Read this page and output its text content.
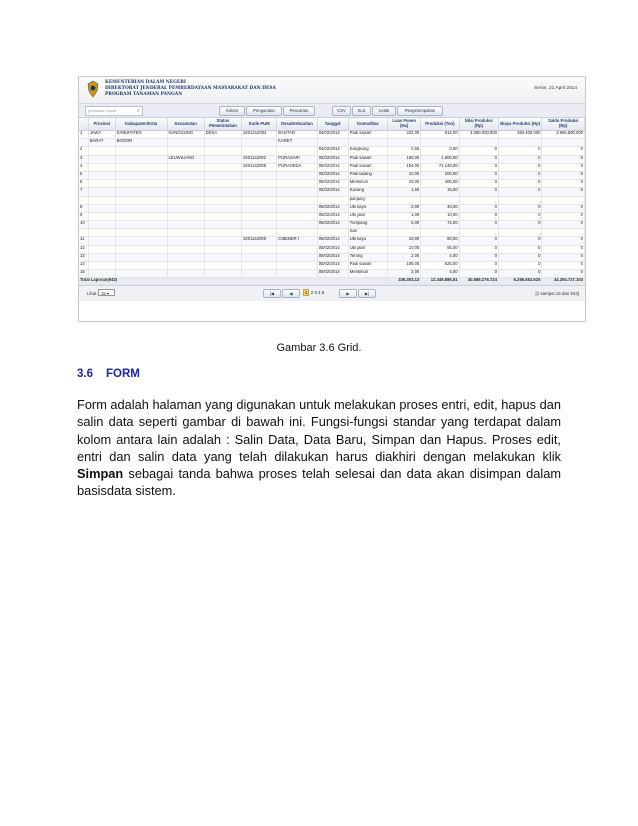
KEMENTERIAN DALAM NEGERI
DIREKTORAT JENDERAL PEMBERDAYAAN MASYARAKAT DAN DESA
PROGRAM TANAMAN PANGAN
Senin, 21 April 2014
pencarian cepat	⌕	Kolom	Pengurutan	Pencarian	CSV	XLS	Cetak	Pengelompokan
	Provinsi	Kabupaten/Kota	Kecamatan	Status Pemerintahan	Kode PUM	Desa/Kelurahan	Tanggal	Komoditas	Luas Panen (Ha)	Produksi (Ton)	Nilai Produksi (Rp)	Biaya Produksi (Rp)	Saldo Produksi (Rp)
1	JAWA	KABUPATEN	NANGGUNG	DESA	3201212004	BANTAR	04/02/2014	Padi sawah	232,00	812,00	4.060.000.000	384.400.000	3.665.600.000
	BARAT	BOGOR				KARET							
2							04/02/2014	Kangkung	0,50	0,50	0	0	0
3			LEUWILIANG		3201142002	PURASARI	05/02/2014	Padi sawah	150,00	1.800,00	0	0	0
4					3201142008	PURASEDA	05/02/2014	Padi sawah	154,00	71.148,00	0	0	0
5							05/02/2014	Padi ladang	10,00	200,00	0	0	0
6							05/02/2014	Mentimun	10,00	400,00	0	0	0
7							05/02/2014	Kacang	1,50	15,00	0	0	0
								panjang					
8							05/02/2014	Ubi kayu	2,00	40,00	0	0	0
9							05/02/2014	Ubi jalar	1,00	10,00	0	0	0
10							05/02/2014	Tumpang	5,00	72,00	0	0	0
								Sari					
11					3201142009	CIBEBER I	05/02/2014	Ubi kayu	10,00	60,00	0	0	0
12							05/02/2014	Ubi jalar	10,00	55,00	0	0	0
13							05/02/2014	Terong	2,00	4,00	0	0	0
14							05/02/2014	Padi sawah	105,00	525,00	0	0	0
15							05/02/2014	Mentimun	2,00	4,00	0	0	0
Total Laporan(943)									336.353,13	12.349.885,51	40.589.276.724	6.295.552.620	34.294.727.103
Lihat	15 ▾	|◀	◀	1 2 3 4 5	▶	▶|	[1 sampai 15 dari 943]
Gambar 3.6 Grid.
3.6 FORM
Form adalah halaman yang digunakan untuk melakukan proses entri, edit, hapus dan salin data seperti gambar di bawah ini. Fungsi-fungsi standar yang terdapat dalam kolom antara lain adalah : Salin Data, Data Baru, Simpan dan Hapus. Proses edit, entri dan salin data yang telah dilakukan harus diakhiri dengan melakukan klik Simpan sebagai tanda bahwa proses telah selesai dan data akan disimpan dalam basisdata sistem.
